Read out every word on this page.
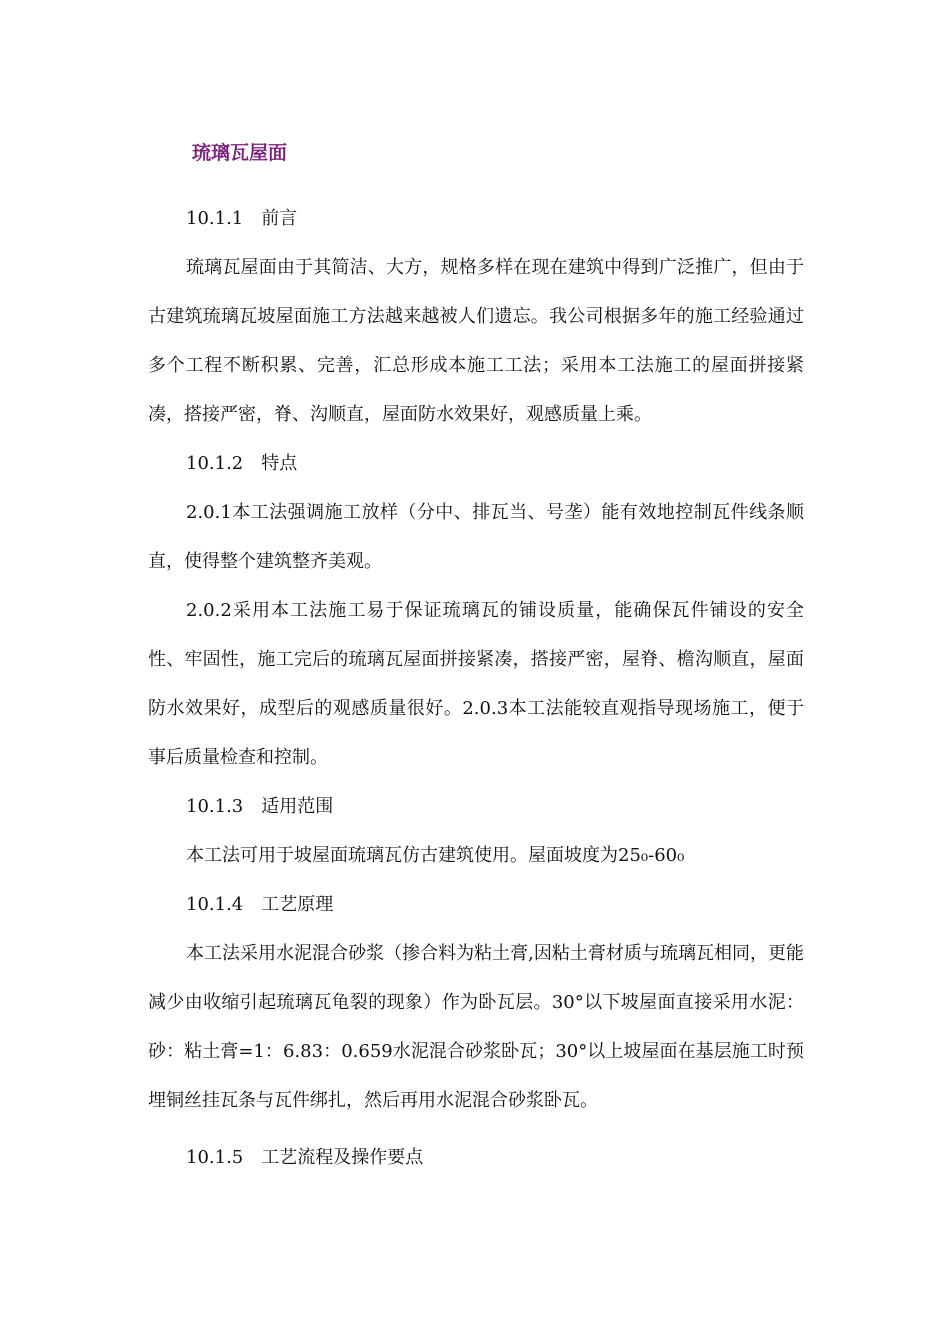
琉璃瓦屋面

10.1.1　前言

琉璃瓦屋面由于其简洁、大方，规格多样在现在建筑中得到广泛推广，但由于古建筑琉璃瓦坡屋面施工方法越来越被人们遗忘。我公司根据多年的施工经验通过多个工程不断积累、完善，汇总形成本施工工法；采用本工法施工的屋面拼接紧凑，搭接严密，脊、沟顺直，屋面防水效果好，观感质量上乘。

10.1.2　特点

2.0.1本工法强调施工放样（分中、排瓦当、号垄）能有效地控制瓦件线条顺直，使得整个建筑整齐美观。

2.0.2采用本工法施工易于保证琉璃瓦的铺设质量，能确保瓦件铺设的安全性、牢固性，施工完后的琉璃瓦屋面拼接紧凑，搭接严密，屋脊、檐沟顺直，屋面防水效果好，成型后的观感质量很好。2.0.3本工法能较直观指导现场施工，便于事后质量检查和控制。

10.1.3　适用范围

本工法可用于坡屋面琉璃瓦仿古建筑使用。屋面坡度为25₀-60₀

10.1.4　工艺原理

本工法采用水泥混合砂浆（掺合料为粘土膏,因粘土膏材质与琉璃瓦相同，更能减少由收缩引起琉璃瓦龟裂的现象）作为卧瓦层。30°以下坡屋面直接采用水泥：砂：粘土膏=1：6.83：0.659水泥混合砂浆卧瓦；30°以上坡屋面在基层施工时预埋铜丝挂瓦条与瓦件绑扎，然后再用水泥混合砂浆卧瓦。

10.1.5　工艺流程及操作要点
